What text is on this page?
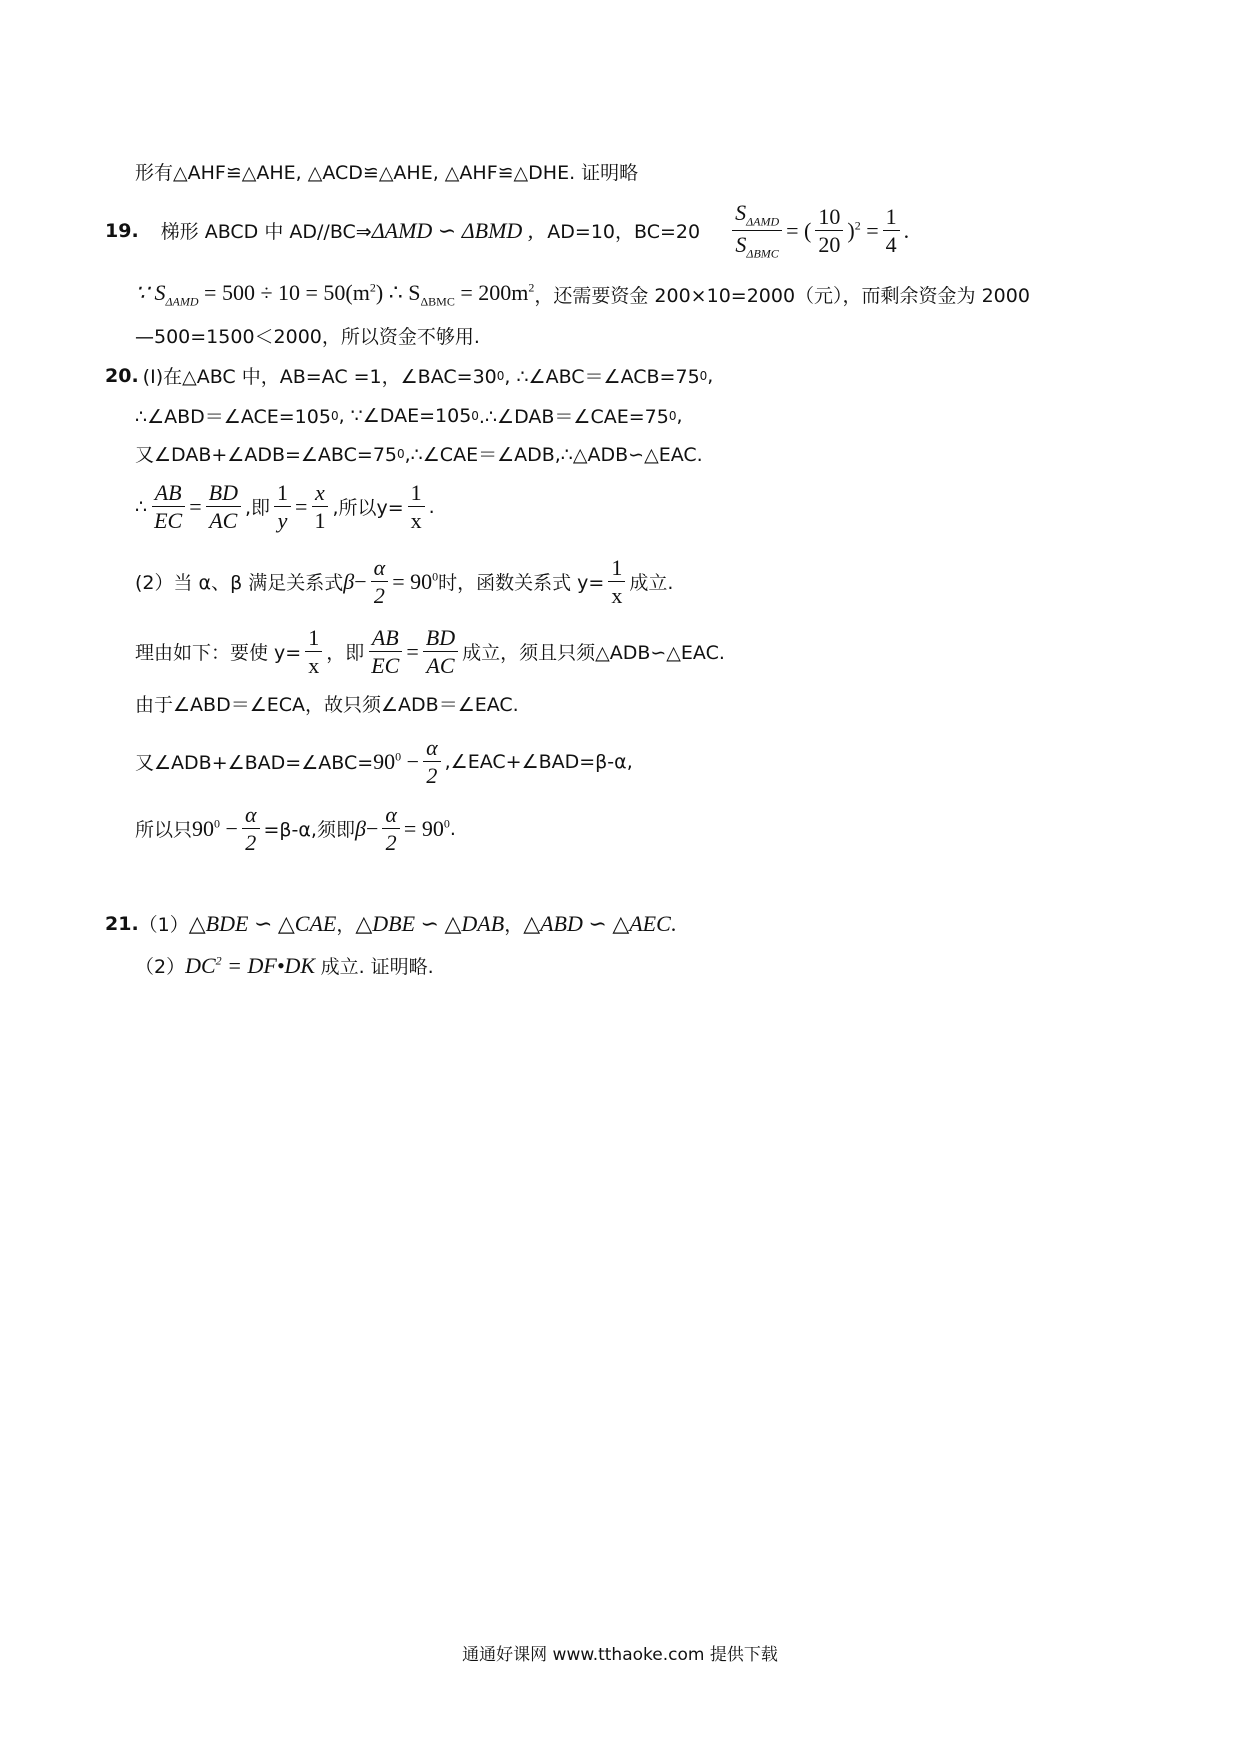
形有△AHF≌△AHE, △ACD≌△AHE, △AHF≌△DHE. 证明略
19. 梯形 ABCD 中 AD//BC⇒ ΔAMD ∽ ΔBMD , AD=10，$BC=20 \frac{S_{\Delta AMD}}{S_{\Delta BMC}}$ = ( $\frac{10}{20} )^2 = \frac{1}{4}$ .
∵ $S_{\Delta AMD} = 500 \div 10 = 50(m^2)$ ∴ $S_{\Delta BMC} = 200m^2$ ，还需要资金 200×10=2000（元），而剩余资金为 2000
—500=1500＜2000，所以资金不够用.
20. (I)在△ABC 中，AB=AC =1，∠BAC=30 0 , ∴∠ABC＝∠ACB=75 0 ,
∴∠ABD＝∠ACE=105 0 , ∵∠DAE=105 0 .∴∠DAB＝∠CAE=75 0 ,
又∠DAB+∠ADB=∠ABC=75 0 ,∴∠CAE＝∠ADB,∴△ADB∽△EAC.
∴ $\frac{AB}{EC} = \frac{BD}{AC}$ ,即 $\frac{1}{y} = \frac{x}{1}$ ,所以$y= \frac{1}{x}$ .
(2）当 α、β 满足关系式 $\beta - \frac{\alpha}{2} = 90^0$ 时，函数关系式 $y= \frac{1}{x}$ 成立.
理由如下：要使 $y= \frac{1}{x}$ ，即 $\frac{AB}{EC} = \frac{BD}{AC}$ 成立，须且只须△ADB∽△EAC.
由于∠ABD＝∠ECA，故只须∠ADB＝∠EAC.
又∠ADB+∠BAD=∠ABC= $90^0 - \frac{\alpha}{2}$ ,∠EAC+∠BAD=β-α,
所以只 $90^0 - \frac{\alpha}{2} =\beta-\alpha$,须即 $\beta - \frac{\alpha}{2} = 90^0$ .
21. （1） △BDE ∽ △CAE ， △DBE ∽ △DAB ， △ABD ∽ △AEC .
（2） $DC^2$ = DF•DK 成立. 证明略.
通通好课网 www.tthaoke.com 提供下载
